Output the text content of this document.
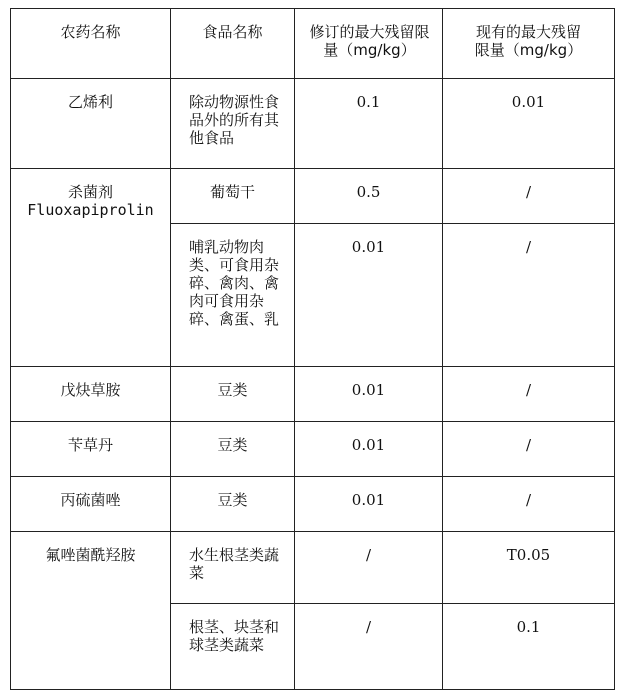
农药名称	食品名称	修订的最大残留限量（mg/kg）	现有的最大残留限量（mg/kg）

乙烯利	除动物源性食品外的所有其他食品	0.1	0.01

杀菌剂
Fluoxapiprolin	葡萄干	0.5	/

	哺乳动物肉类、可食用杂碎、禽肉、禽肉可食用杂碎、禽蛋、乳	0.01	/

戊炔草胺	豆类	0.01	/

苄草丹	豆类	0.01	/

丙硫菌唑	豆类	0.01	/

氟唑菌酰羟胺	水生根茎类蔬菜	/	T0.05

	根茎、块茎和球茎类蔬菜	/	0.1
